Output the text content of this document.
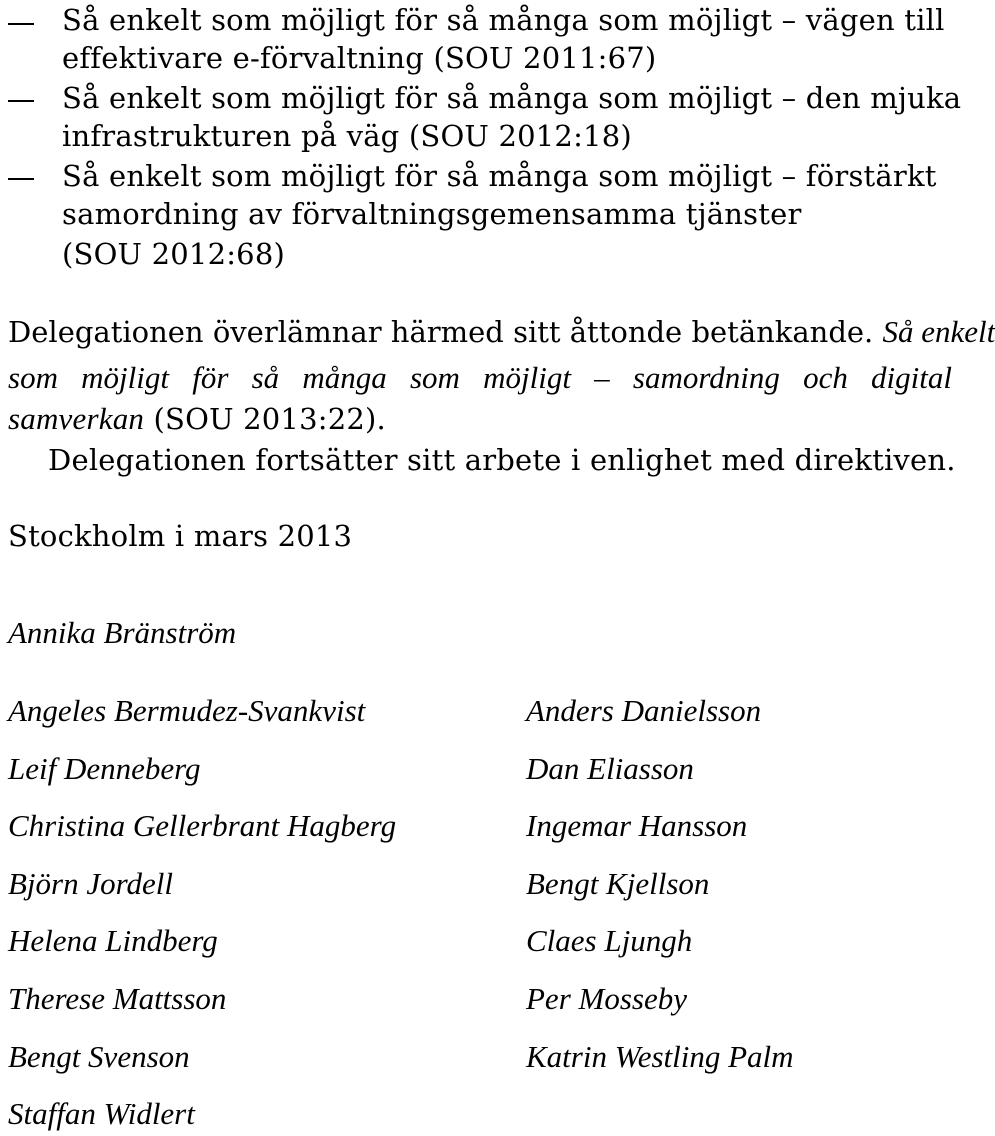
Så enkelt som möjligt för så många som möjligt – vägen till
effektivare e-förvaltning (SOU 2011:67)
Så enkelt som möjligt för så många som möjligt – den mjuka
infrastrukturen på väg (SOU 2012:18)
Så enkelt som möjligt för så många som möjligt – förstärkt
samordning av förvaltningsgemensamma tjänster
(SOU 2012:68)
Delegationen överlämnar härmed sitt åttonde betänkande. Så enkelt
som möjligt för så många som möjligt – samordning och digital
samverkan (SOU 2013:22).
Delegationen fortsätter sitt arbete i enlighet med direktiven.
Stockholm i mars 2013
Annika Bränström
Angeles Bermudez-Svankvist
Leif Denneberg
Christina Gellerbrant Hagberg
Björn Jordell
Helena Lindberg
Therese Mattsson
Bengt Svenson
Staffan Widlert
Anders Danielsson
Dan Eliasson
Ingemar Hansson
Bengt Kjellson
Claes Ljungh
Per Mosseby
Katrin Westling Palm
